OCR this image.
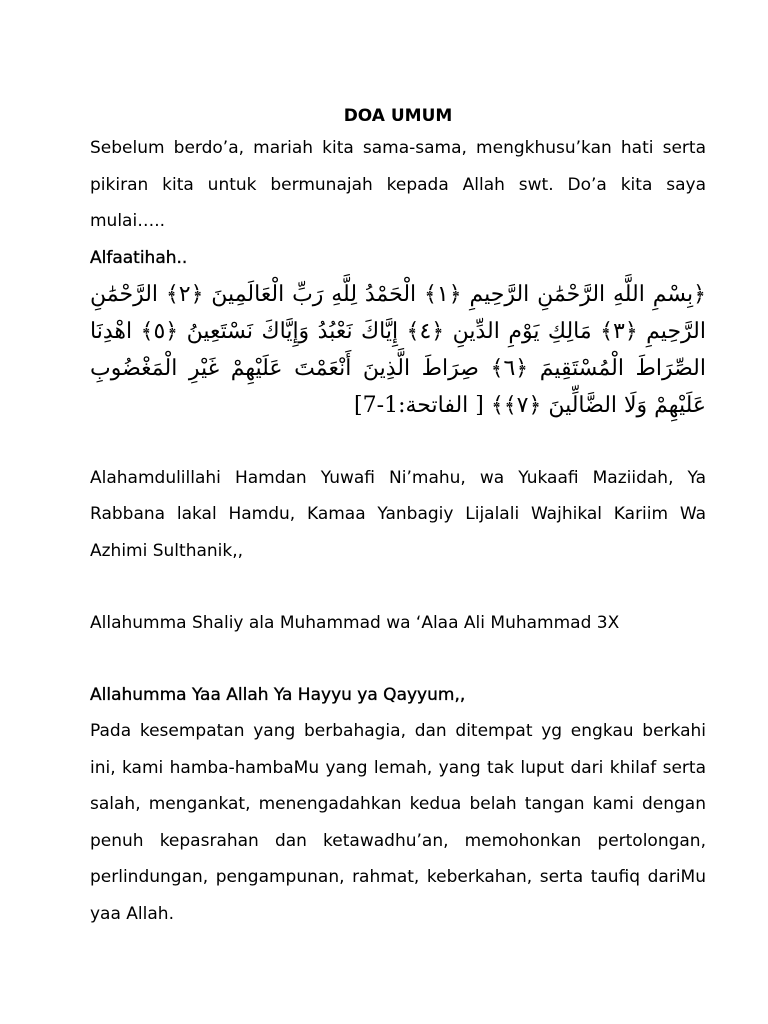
DOA UMUM

Sebelum berdo’a, mariah kita sama-sama, mengkhusu’kan hati serta pikiran kita untuk bermunajah kepada Allah swt. Do’a kita saya mulai…..

Alfaatihah..

﴿بِسْمِ اللَّهِ الرَّحْمَٰنِ الرَّحِيمِ ﴿١﴾ الْحَمْدُ لِلَّهِ رَبِّ الْعَالَمِينَ ﴿٢﴾ الرَّحْمَٰنِ الرَّحِيمِ ﴿٣﴾ مَالِكِ يَوْمِ الدِّينِ ﴿٤﴾ إِيَّاكَ نَعْبُدُ وَإِيَّاكَ نَسْتَعِينُ ﴿٥﴾ اهْدِنَا الصِّرَاطَ الْمُسْتَقِيمَ ﴿٦﴾ صِرَاطَ الَّذِينَ أَنْعَمْتَ عَلَيْهِمْ غَيْرِ الْمَغْضُوبِ عَلَيْهِمْ وَلَا الضَّالِّينَ ﴿٧﴾﴾ [ الفاتحة:1-7]

Alahamdulillahi Hamdan Yuwafi Ni’mahu, wa Yukaafi Maziidah, Ya Rabbana lakal Hamdu, Kamaa Yanbagiy Lijalali Wajhikal Kariim Wa Azhimi Sulthanik,,

Allahumma Shaliy ala Muhammad wa ‘Alaa Ali Muhammad 3X

Allahumma Yaa Allah Ya Hayyu ya Qayyum,,

Pada kesempatan yang berbahagia, dan ditempat yg engkau berkahi ini, kami hamba-hambaMu yang lemah, yang tak luput dari khilaf serta salah, menganka​t, menengadahkan kedua belah tangan kami dengan penuh kepasrahan dan ketawadhu’an, memohonkan pertolongan, perlindungan, pengampunan, rahmat, keberkahan, serta taufiq dariMu yaa Allah.
